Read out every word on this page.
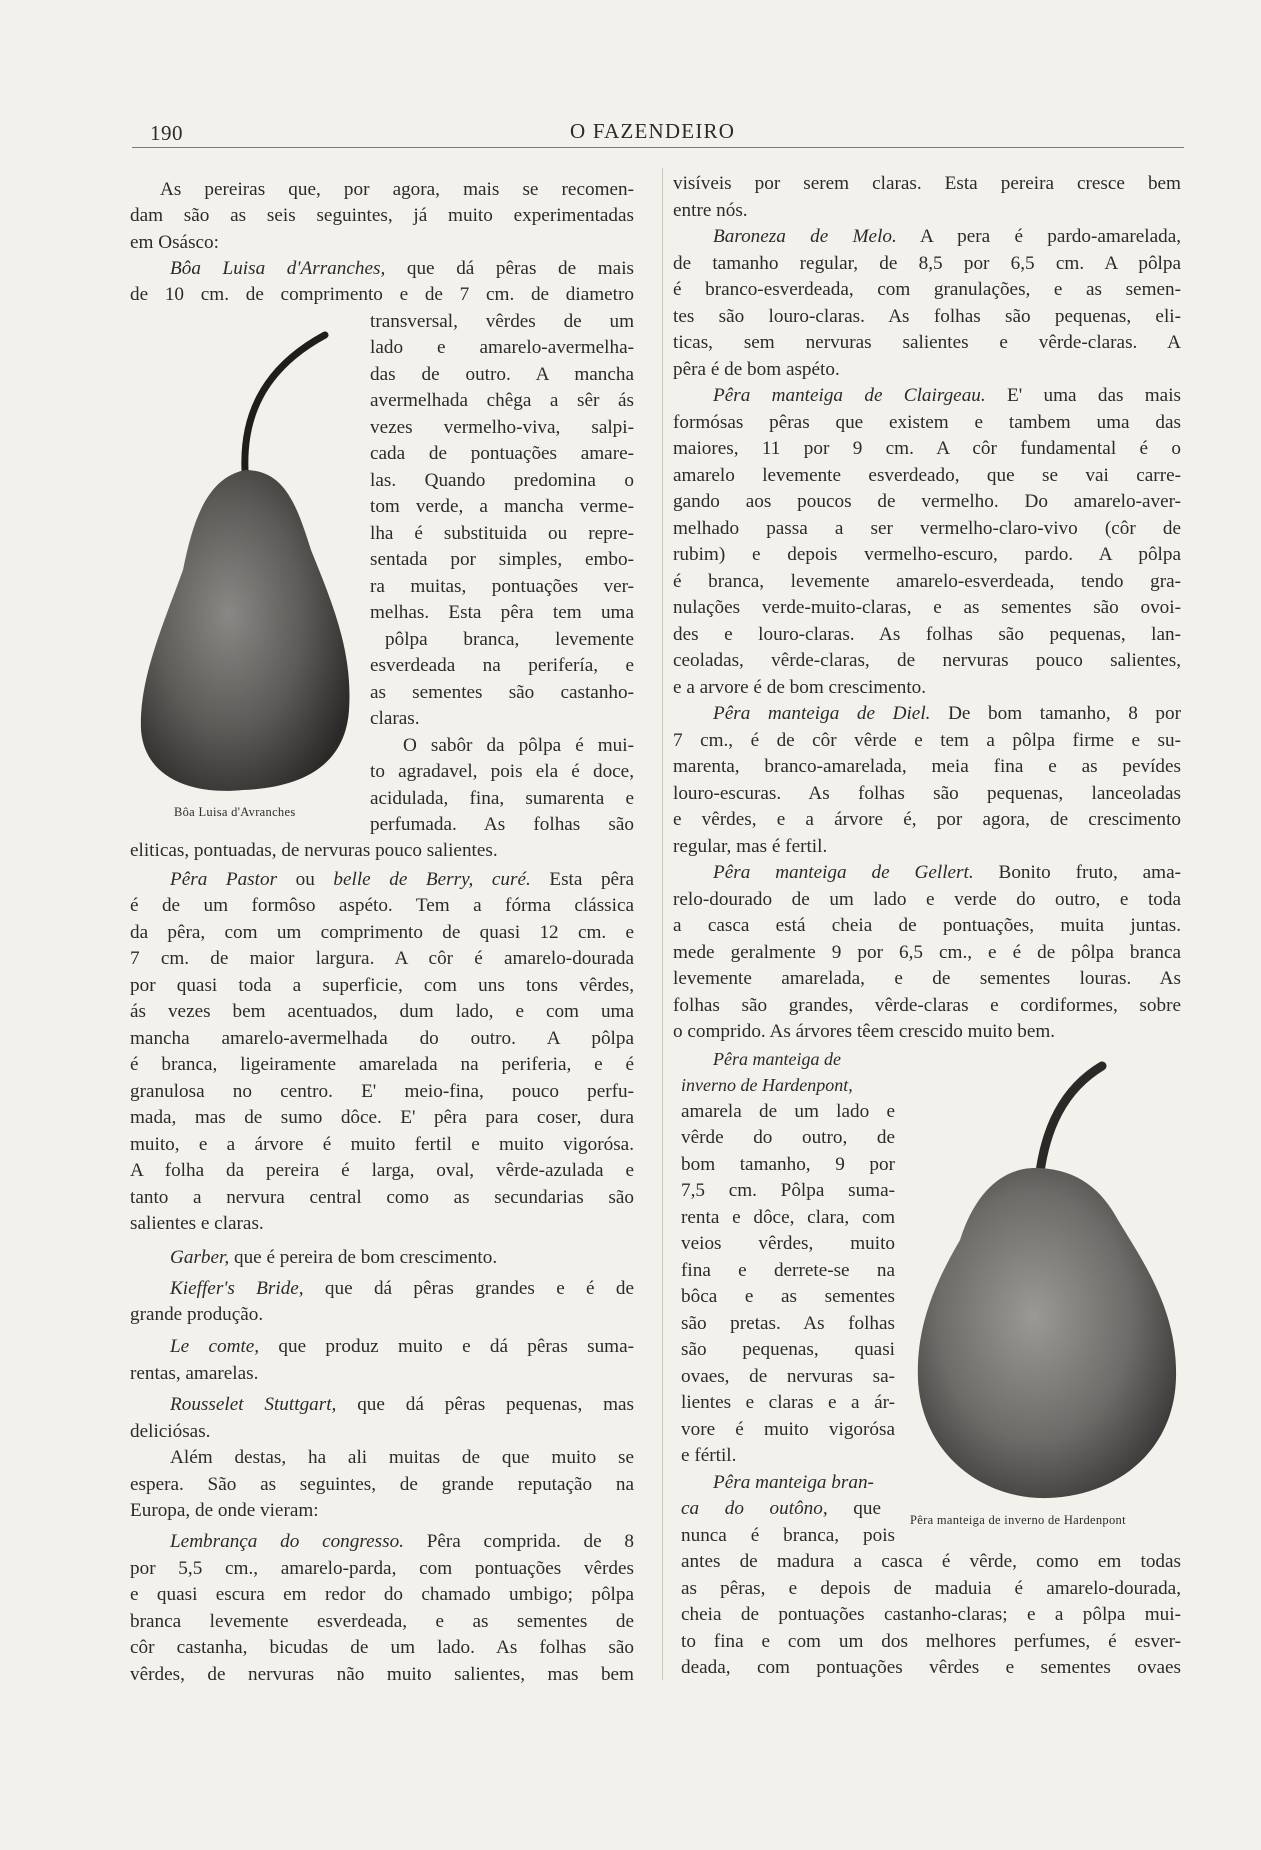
190	O FAZENDEIRO
Bôa Luisa d'Avranches
Pêra manteiga de inverno de Hardenpont
As pereiras que, por agora, mais se recomen-
dam são as seis seguintes, já muito experimentadas
em Osásco:
Bôa Luisa d'Arranches, que dá pêras de mais
de 10 cm. de comprimento e de 7 cm. de diametro
transversal, vêrdes de um
lado e amarelo-avermelha-
das de outro. A mancha
avermelhada chêga a sêr ás
vezes vermelho-viva, salpi-
cada de pontuações amare-
las. Quando predomina o
tom verde, a mancha verme-
lha é substituida ou repre-
sentada por simples, embo-
ra muitas, pontuações ver-
melhas. Esta pêra tem uma
pôlpa branca, levemente
esverdeada na perifería, e
as sementes são castanho-
claras.
O sabôr da pôlpa é mui-
to agradavel, pois ela é doce,
acidulada, fina, sumarenta e
perfumada. As folhas são
eliticas, pontuadas, de nervuras pouco salientes.
Pêra Pastor ou belle de Berry, curé. Esta pêra
é de um formôso aspéto. Tem a fórma clássica
da pêra, com um comprimento de quasi 12 cm. e
7 cm. de maior largura. A côr é amarelo-dourada
por quasi toda a superficie, com uns tons vêrdes,
ás vezes bem acentuados, dum lado, e com uma
mancha amarelo-avermelhada do outro. A pôlpa
é branca, ligeiramente amarelada na periferia, e é
granulosa no centro. E' meio-fina, pouco perfu-
mada, mas de sumo dôce. E' pêra para coser, dura
muito, e a árvore é muito fertil e muito vigorósa.
A folha da pereira é larga, oval, vêrde-azulada e
tanto a nervura central como as secundarias são
salientes e claras.
Garber, que é pereira de bom crescimento.
Kieffer's Bride, que dá pêras grandes e é de
grande produção.
Le comte, que produz muito e dá pêras suma-
rentas, amarelas.
Rousselet Stuttgart, que dá pêras pequenas, mas
deliciósas.
Além destas, ha ali muitas de que muito se
espera. São as seguintes, de grande reputação na
Europa, de onde vieram:
Lembrança do congresso. Pêra comprida. de 8
por 5,5 cm., amarelo-parda, com pontuações vêrdes
e quasi escura em redor do chamado umbigo; pôlpa
branca levemente esverdeada, e as sementes de
côr castanha, bicudas de um lado. As folhas são
vêrdes, de nervuras não muito salientes, mas bem
visíveis por serem claras. Esta pereira cresce bem
entre nós.
Baroneza de Melo. A pera é pardo-amarelada,
de tamanho regular, de 8,5 por 6,5 cm. A pôlpa
é branco-esverdeada, com granulações, e as semen-
tes são louro-claras. As folhas são pequenas, eli-
ticas, sem nervuras salientes e vêrde-claras. A
pêra é de bom aspéto.
Pêra manteiga de Clairgeau. E' uma das mais
formósas pêras que existem e tambem uma das
maiores, 11 por 9 cm. A côr fundamental é o
amarelo levemente esverdeado, que se vai carre-
gando aos poucos de vermelho. Do amarelo-aver-
melhado passa a ser vermelho-claro-vivo (côr de
rubim) e depois vermelho-escuro, pardo. A pôlpa
é branca, levemente amarelo-esverdeada, tendo gra-
nulações verde-muito-claras, e as sementes são ovoi-
des e louro-claras. As folhas são pequenas, lan-
ceoladas, vêrde-claras, de nervuras pouco salientes,
e a arvore é de bom crescimento.
Pêra manteiga de Diel. De bom tamanho, 8 por
7 cm., é de côr vêrde e tem a pôlpa firme e su-
marenta, branco-amarelada, meia fina e as pevídes
louro-escuras. As folhas são pequenas, lanceoladas
e vêrdes, e a árvore é, por agora, de crescimento
regular, mas é fertil.
Pêra manteiga de Gellert. Bonito fruto, ama-
relo-dourado de um lado e verde do outro, e toda
a casca está cheia de pontuações, muita juntas.
mede geralmente 9 por 6,5 cm., e é de pôlpa branca
levemente amarelada, e de sementes louras. As
folhas são grandes, vêrde-claras e cordiformes, sobre
o comprido. As árvores têem crescido muito bem.
Pêra manteiga de
inverno de Hardenpont,
amarela de um lado e
vêrde do outro, de
bom tamanho, 9 por
7,5 cm. Pôlpa suma-
renta e dôce, clara, com
veios vêrdes, muito
fina e derrete-se na
bôca e as sementes
são pretas. As folhas
são pequenas, quasi
ovaes, de nervuras sa-
lientes e claras e a ár-
vore é muito vigorósa
e fértil.
Pêra manteiga bran-
ca do outôno, que
nunca é branca, pois
antes de madura a casca é vêrde, como em todas
as pêras, e depois de maduia é amarelo-dourada,
cheia de pontuações castanho-claras; e a pôlpa mui-
to fina e com um dos melhores perfumes, é esver-
deada, com pontuações vêrdes e sementes ovaes
